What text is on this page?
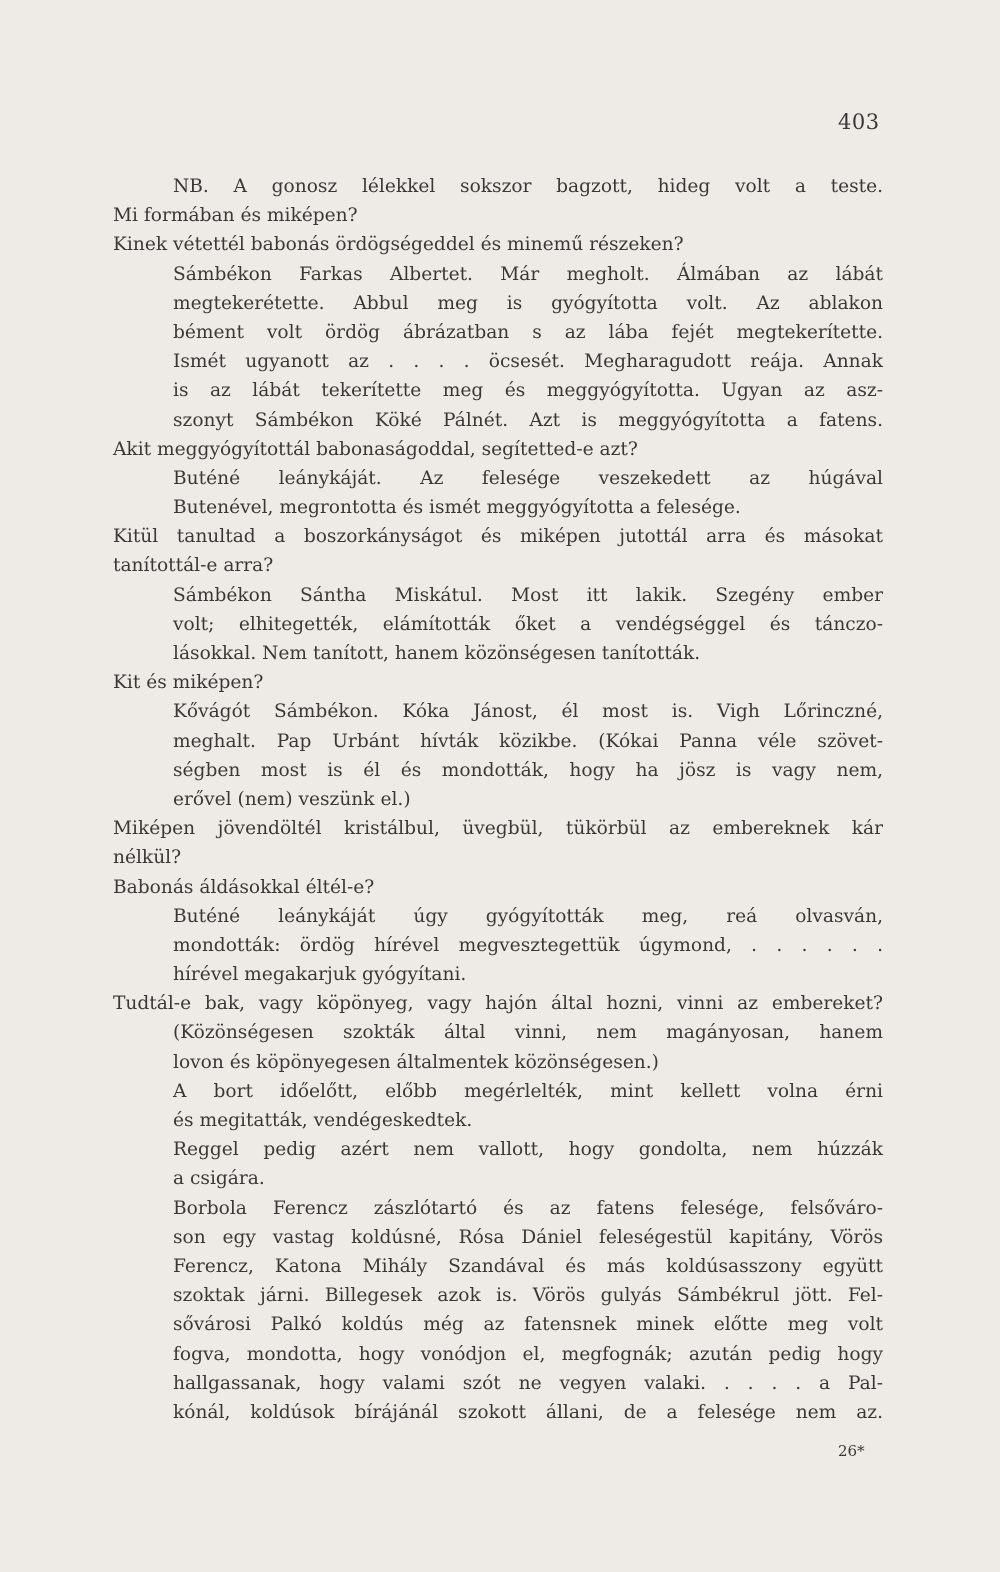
403
NB. A gonosz lélekkel sokszor bagzott, hideg volt a teste.
Mi formában és miképen?
Kinek vétettél babonás ördögségeddel és minemű részeken?
Sámbékon Farkas Albertet. Már megholt. Álmában az lábát
megtekerétette. Abbul meg is gyógyította volt. Az ablakon
bément volt ördög ábrázatban s az lába fejét megtekerítette.
Ismét ugyanott az . . . . öcsesét. Megharagudott reája. Annak
is az lábát tekerítette meg és meggyógyította. Ugyan az asz-
szonyt Sámbékon Köké Pálnét. Azt is meggyógyította a fatens.
Akit meggyógyítottál babonaságoddal, segítetted-e azt?
Buténé leánykáját. Az felesége veszekedett az húgával
Butenével, megrontotta és ismét meggyógyította a felesége.
Kitül tanultad a boszorkányságot és miképen jutottál arra és másokat
tanítottál-e arra?
Sámbékon Sántha Miskátul. Most itt lakik. Szegény ember
volt; elhitegették, elámították őket a vendégséggel és tánczo-
lásokkal. Nem tanított, hanem közönségesen tanították.
Kit és miképen?
Kővágót Sámbékon. Kóka Jánost, él most is. Vigh Lőrinczné,
meghalt. Pap Urbánt hívták közikbe. (Kókai Panna véle szövet-
ségben most is él és mondották, hogy ha jösz is vagy nem,
erővel (nem) veszünk el.)
Miképen jövendöltél kristálbul, üvegbül, tükörbül az embereknek kár
nélkül?
Babonás áldásokkal éltél-e?
Buténé leánykáját úgy gyógyították meg, reá olvasván,
mondották: ördög hírével megvesztegettük úgymond, . . . . . .
hírével megakarjuk gyógyítani.
Tudtál-e bak, vagy köpönyeg, vagy hajón által hozni, vinni az embereket?
(Közönségesen szokták által vinni, nem magányosan, hanem
lovon és köpönyegesen általmentek közönségesen.)
A bort időelőtt, előbb megérlelték, mint kellett volna érni
és megitatták, vendégeskedtek.
Reggel pedig azért nem vallott, hogy gondolta, nem húzzák
a csigára.
Borbola Ferencz zászlótartó és az fatens felesége, felsőváro-
son egy vastag koldúsné, Rósa Dániel feleségestül kapitány, Vörös
Ferencz, Katona Mihály Szandával és más koldúsasszony együtt
szoktak járni. Billegesek azok is. Vörös gulyás Sámbékrul jött. Fel-
sővárosi Palkó koldús még az fatensnek minek előtte meg volt
fogva, mondotta, hogy vonódjon el, megfognák; azután pedig hogy
hallgassanak, hogy valami szót ne vegyen valaki. . . . . a Pal-
kónál, koldúsok bírájánál szokott állani, de a felesége nem az.
26*
